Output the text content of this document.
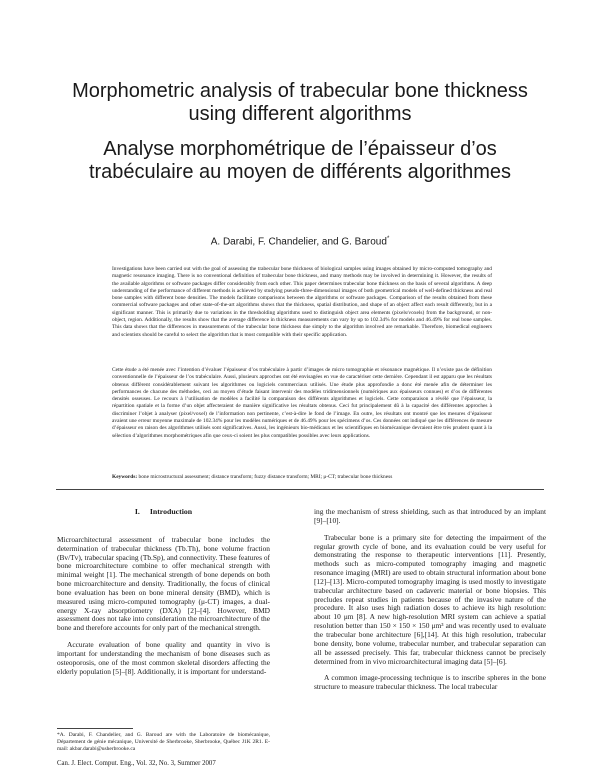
Morphometric analysis of trabecular bone thickness using different algorithms
Analyse morphométrique de l’épaisseur d’os trabéculaire au moyen de différents algorithmes
A. Darabi, F. Chandelier, and G. Baroud*

Investigations have been carried out with the goal of assessing the trabecular bone thickness of biological samples using images obtained by micro-computed tomography and magnetic resonance imaging. There is no conventional definition of trabecular bone thickness, and many methods may be involved in determining it. However, the results of the available algorithms or software packages differ considerably from each other. This paper determines trabecular bone thickness on the basis of several algorithms. A deep understanding of the performance of different methods is achieved by studying pseudo-three-dimensional images of both geometrical models of well-defined thickness and real bone samples with different bone densities. The models facilitate comparisons between the algorithms or software packages. Comparison of the results obtained from these commercial software packages and other state-of-the-art algorithms shows that the thickness, spatial distribution, and shape of an object affect each result differently, but in a significant manner. This is primarily due to variations in the thresholding algorithms used to distinguish object area elements (pixels/voxels) from the background, or non-object, region. Additionally, the results show that the average difference in thickness measurements can vary by up to 102.34% for models and 46.49% for real bone samples. This data shows that the differences in measurements of the trabecular bone thickness due simply to the algorithm involved are remarkable. Therefore, biomedical engineers and scientists should be careful to select the algorithm that is most compatible with their specific application.

Cette étude a été menée avec l’intention d’évaluer l’épaisseur d’os trabéculaire à partir d’images de micro tomographie et résonance magnétique. Il n’existe pas de définition conventionnelle de l’épaisseur de l’os trabéculaire. Aussi, plusieurs approches ont été envisagées en vue de caractériser cette dernière. Cependant il est apparu que les résultats obtenus diffèrent considérablement suivant les algorithmes ou logiciels commerciaux utilisés. Une étude plus approfondie a donc été menée afin de déterminer les performances de chacune des méthodes, ceci au moyen d’étude faisant intervenir des modèles tridimensionnels (numériques aux épaisseurs connues) et d’os de différentes densités osseuses. Le recours à l’utilisation de modèles a facilité la comparaison des différents algorithmes et logiciels. Cette comparaison a révélé que l’épaisseur, la répartition spatiale et la forme d’un objet affecteraient de manière significative les résultats obtenus. Ceci fut principalement dû à la capacité des différentes approches à discriminer l’objet à analyser (pixel/voxel) de l’information non pertinente, c’est-à-dire le fond de l’image. En outre, les résultats ont montré que les mesures d’épaisseur avaient une erreur moyenne maximale de 102.34% pour les modèles numériques et de 46.49% pour les spécimens d’os. Ces données ont indiqué que les différences de mesure d’épaisseur en raison des algorithmes utilisés sont significatives. Aussi, les ingénieurs bio-médicaux et les scientifiques en biomécanique devraient être très prudent quant à la sélection d’algorithmes morphométriques afin que ceux-ci soient les plus compatibles possibles avec leurs applications.

Keywords: bone microstructural assessment; distance transform; fuzzy distance transform; MRI; μ-CT; trabecular bone thickness

I. Introduction

Microarchitectural assessment of trabecular bone includes the determination of trabecular thickness (Tb.Th), bone volume fraction (Bv/Tv), trabecular spacing (Tb.Sp), and connectivity. These features of bone microarchitecture combine to offer mechanical strength with minimal weight [1]. The mechanical strength of bone depends on both bone microarchitecture and density. Traditionally, the focus of clinical bone evaluation has been on bone mineral density (BMD), which is measured using micro-computed tomography (μ-CT) images, a dual-energy X-ray absorptiometry (DXA) [2]–[4]. However, BMD assessment does not take into consideration the microarchitecture of the bone and therefore accounts for only part of the mechanical strength.

Accurate evaluation of bone quality and quantity in vivo is important for understanding the mechanism of bone diseases such as osteoporosis, one of the most common skeletal disorders affecting the elderly population [5]–[8]. Additionally, it is important for understand-

ing the mechanism of stress shielding, such as that introduced by an implant [9]–[10].

Trabecular bone is a primary site for detecting the impairment of the regular growth cycle of bone, and its evaluation could be very useful for demonstrating the response to therapeutic interventions [11]. Presently, methods such as micro-computed tomography imaging and magnetic resonance imaging (MRI) are used to obtain structural information about bone [12]–[13]. Micro-computed tomography imaging is used mostly to investigate trabecular architecture based on cadaveric material or bone biopsies. This precludes repeat studies in patients because of the invasive nature of the procedure. It also uses high radiation doses to achieve its high resolution: about 10 μm [8]. A new high-resolution MRI system can achieve a spatial resolution better than 150 × 150 × 150 μm³ and was recently used to evaluate the trabecular bone architecture [6],[14]. At this high resolution, trabecular bone density, bone volume, trabecular number, and trabecular separation can all be assessed precisely. This far, trabecular thickness cannot be precisely determined from in vivo microarchitectural imaging data [5]–[6].

A common image-processing technique is to inscribe spheres in the bone structure to measure trabecular thickness. The local trabecular

*A. Darabi, F. Chandelier, and G. Baroud are with the Laboratoire de biomécanique, Département de génie mécanique, Université de Sherbrooke, Sherbrooke, Québec J1K 2R1. E-mail: akbar.darabi@usherbrooke.ca

Can. J. Elect. Comput. Eng., Vol. 32, No. 3, Summer 2007
